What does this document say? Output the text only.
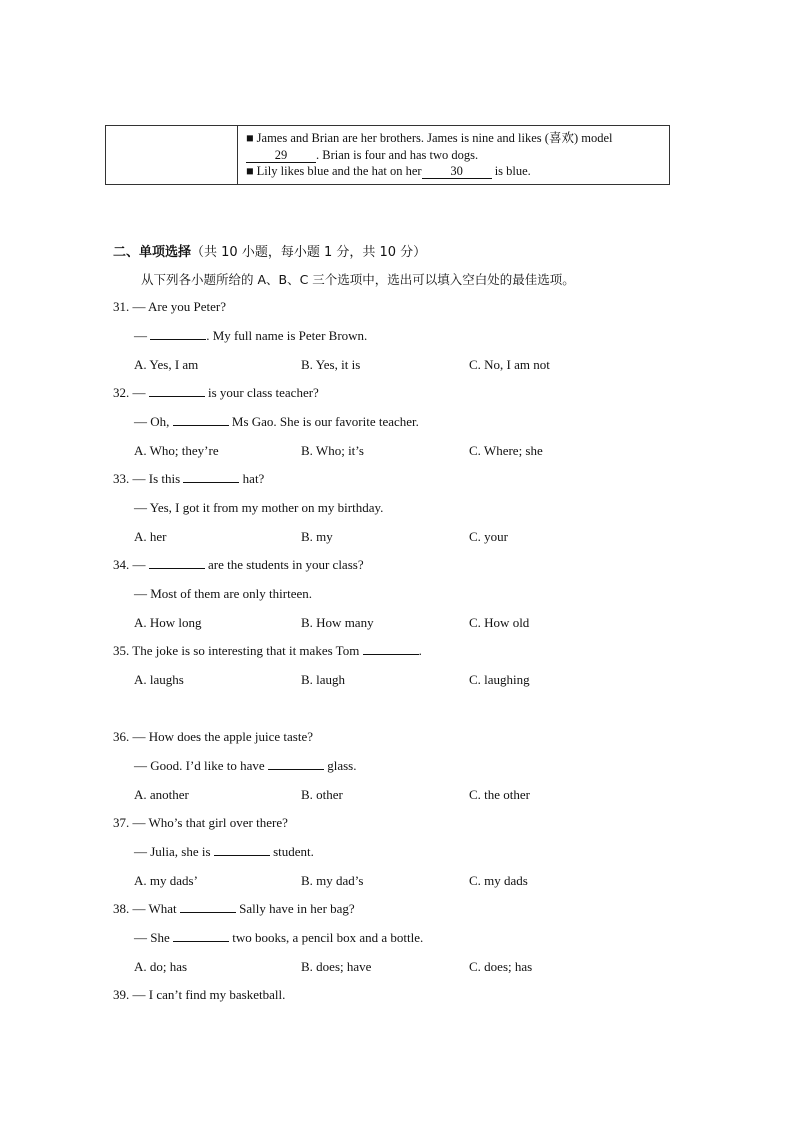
■ James and Brian are her brothers. James is nine and likes (喜欢) model
29 . Brian is four and has two dogs.
■ Lily likes blue and the hat on her 30 is blue.
二、单项选择（共 10 小题，每小题 1 分，共 10 分）
从下列各小题所给的 A、B、C 三个选项中，选出可以填入空白处的最佳选项。
31. — Are you Peter?
—	. My full name is Peter Brown.
A. Yes, I am	B. Yes, it is	C. No, I am not
32. —	is your class teacher?
— Oh,	Ms Gao. She is our favorite teacher.
A. Who; they’re	B. Who; it’s	C. Where; she
33. — Is this	hat?
— Yes, I got it from my mother on my birthday.
A. her	B. my	C. your
34. —	are the students in your class?
— Most of them are only thirteen.
A. How long	B. How many	C. How old
35. The joke is so interesting that it makes Tom	.
A. laughs	B. laugh	C. laughing
36. — How does the apple juice taste?
— Good. I’d like to have	glass.
A. another	B. other	C. the other
37. — Who’s that girl over there?
— Julia, she is	student.
A. my dads’	B. my dad’s	C. my dads
38. — What	Sally have in her bag?
— She	two books, a pencil box and a bottle.
A. do; has	B. does; have	C. does; has
39. — I can’t find my basketball.
